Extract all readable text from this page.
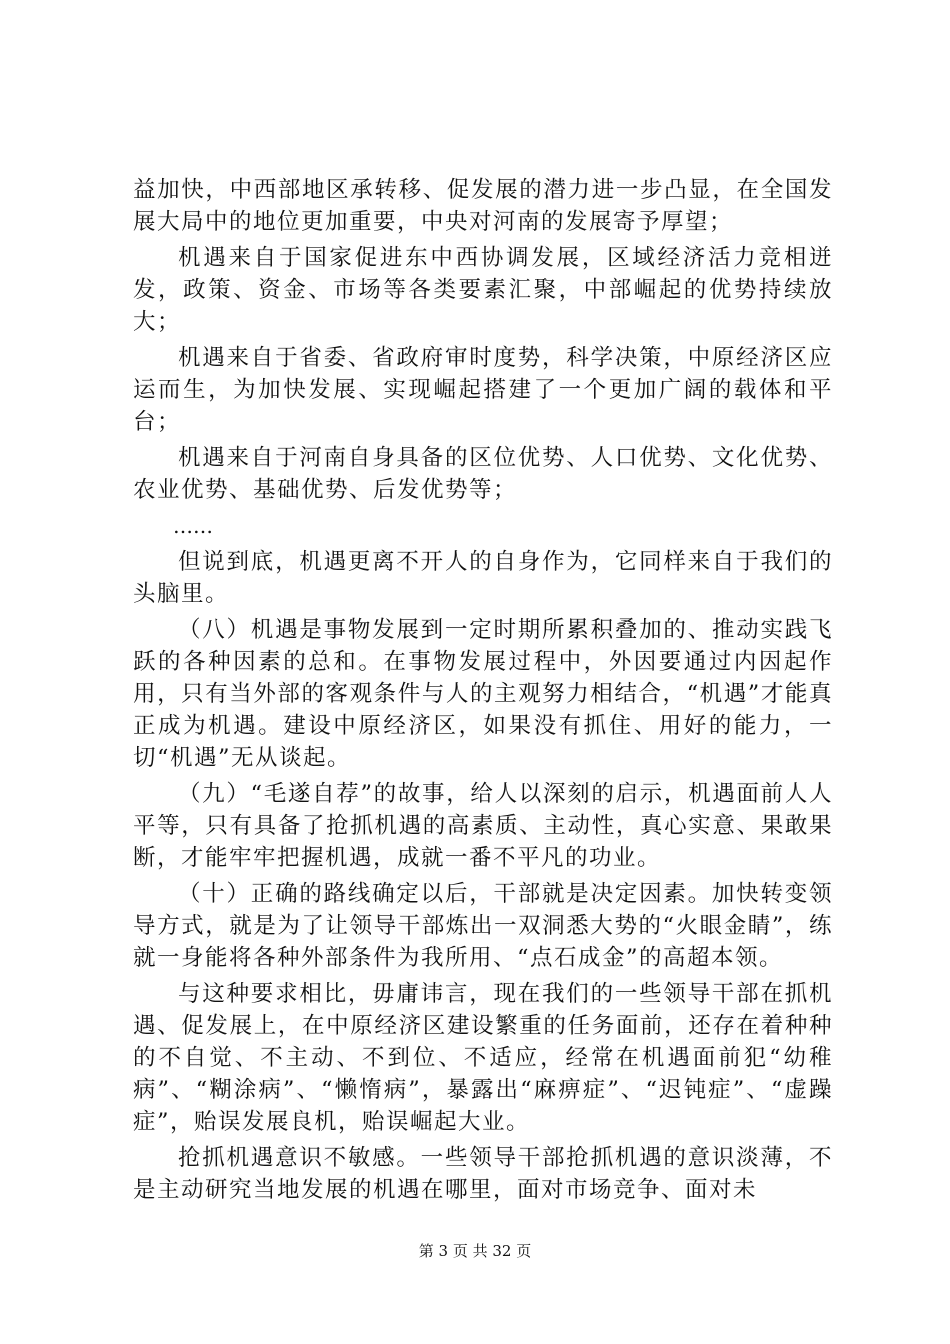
益加快，中西部地区承转移、促发展的潜力进一步凸显，在全国发展大局中的地位更加重要，中央对河南的发展寄予厚望；

机遇来自于国家促进东中西协调发展，区域经济活力竞相迸发，政策、资金、市场等各类要素汇聚，中部崛起的优势持续放大；

机遇来自于省委、省政府审时度势，科学决策，中原经济区应运而生，为加快发展、实现崛起搭建了一个更加广阔的载体和平台；

机遇来自于河南自身具备的区位优势、人口优势、文化优势、农业优势、基础优势、后发优势等；

……

但说到底，机遇更离不开人的自身作为，它同样来自于我们的头脑里。

（八）机遇是事物发展到一定时期所累积叠加的、推动实践飞跃的各种因素的总和。在事物发展过程中，外因要通过内因起作用，只有当外部的客观条件与人的主观努力相结合，“机遇”才能真正成为机遇。建设中原经济区，如果没有抓住、用好的能力，一切“机遇”无从谈起。

（九）“毛遂自荐”的故事，给人以深刻的启示，机遇面前人人平等，只有具备了抢抓机遇的高素质、主动性，真心实意、果敢果断，才能牢牢把握机遇，成就一番不平凡的功业。

（十）正确的路线确定以后，干部就是决定因素。加快转变领导方式，就是为了让领导干部炼出一双洞悉大势的“火眼金睛”，练就一身能将各种外部条件为我所用、“点石成金”的高超本领。

与这种要求相比，毋庸讳言，现在我们的一些领导干部在抓机遇、促发展上，在中原经济区建设繁重的任务面前，还存在着种种的不自觉、不主动、不到位、不适应，经常在机遇面前犯“幼稚病”、“糊涂病”、“懒惰病”，暴露出“麻痹症”、“迟钝症”、“虚躁症”，贻误发展良机，贻误崛起大业。

抢抓机遇意识不敏感。一些领导干部抢抓机遇的意识淡薄，不是主动研究当地发展的机遇在哪里，面对市场竞争、面对未

第 3 页 共 32 页
